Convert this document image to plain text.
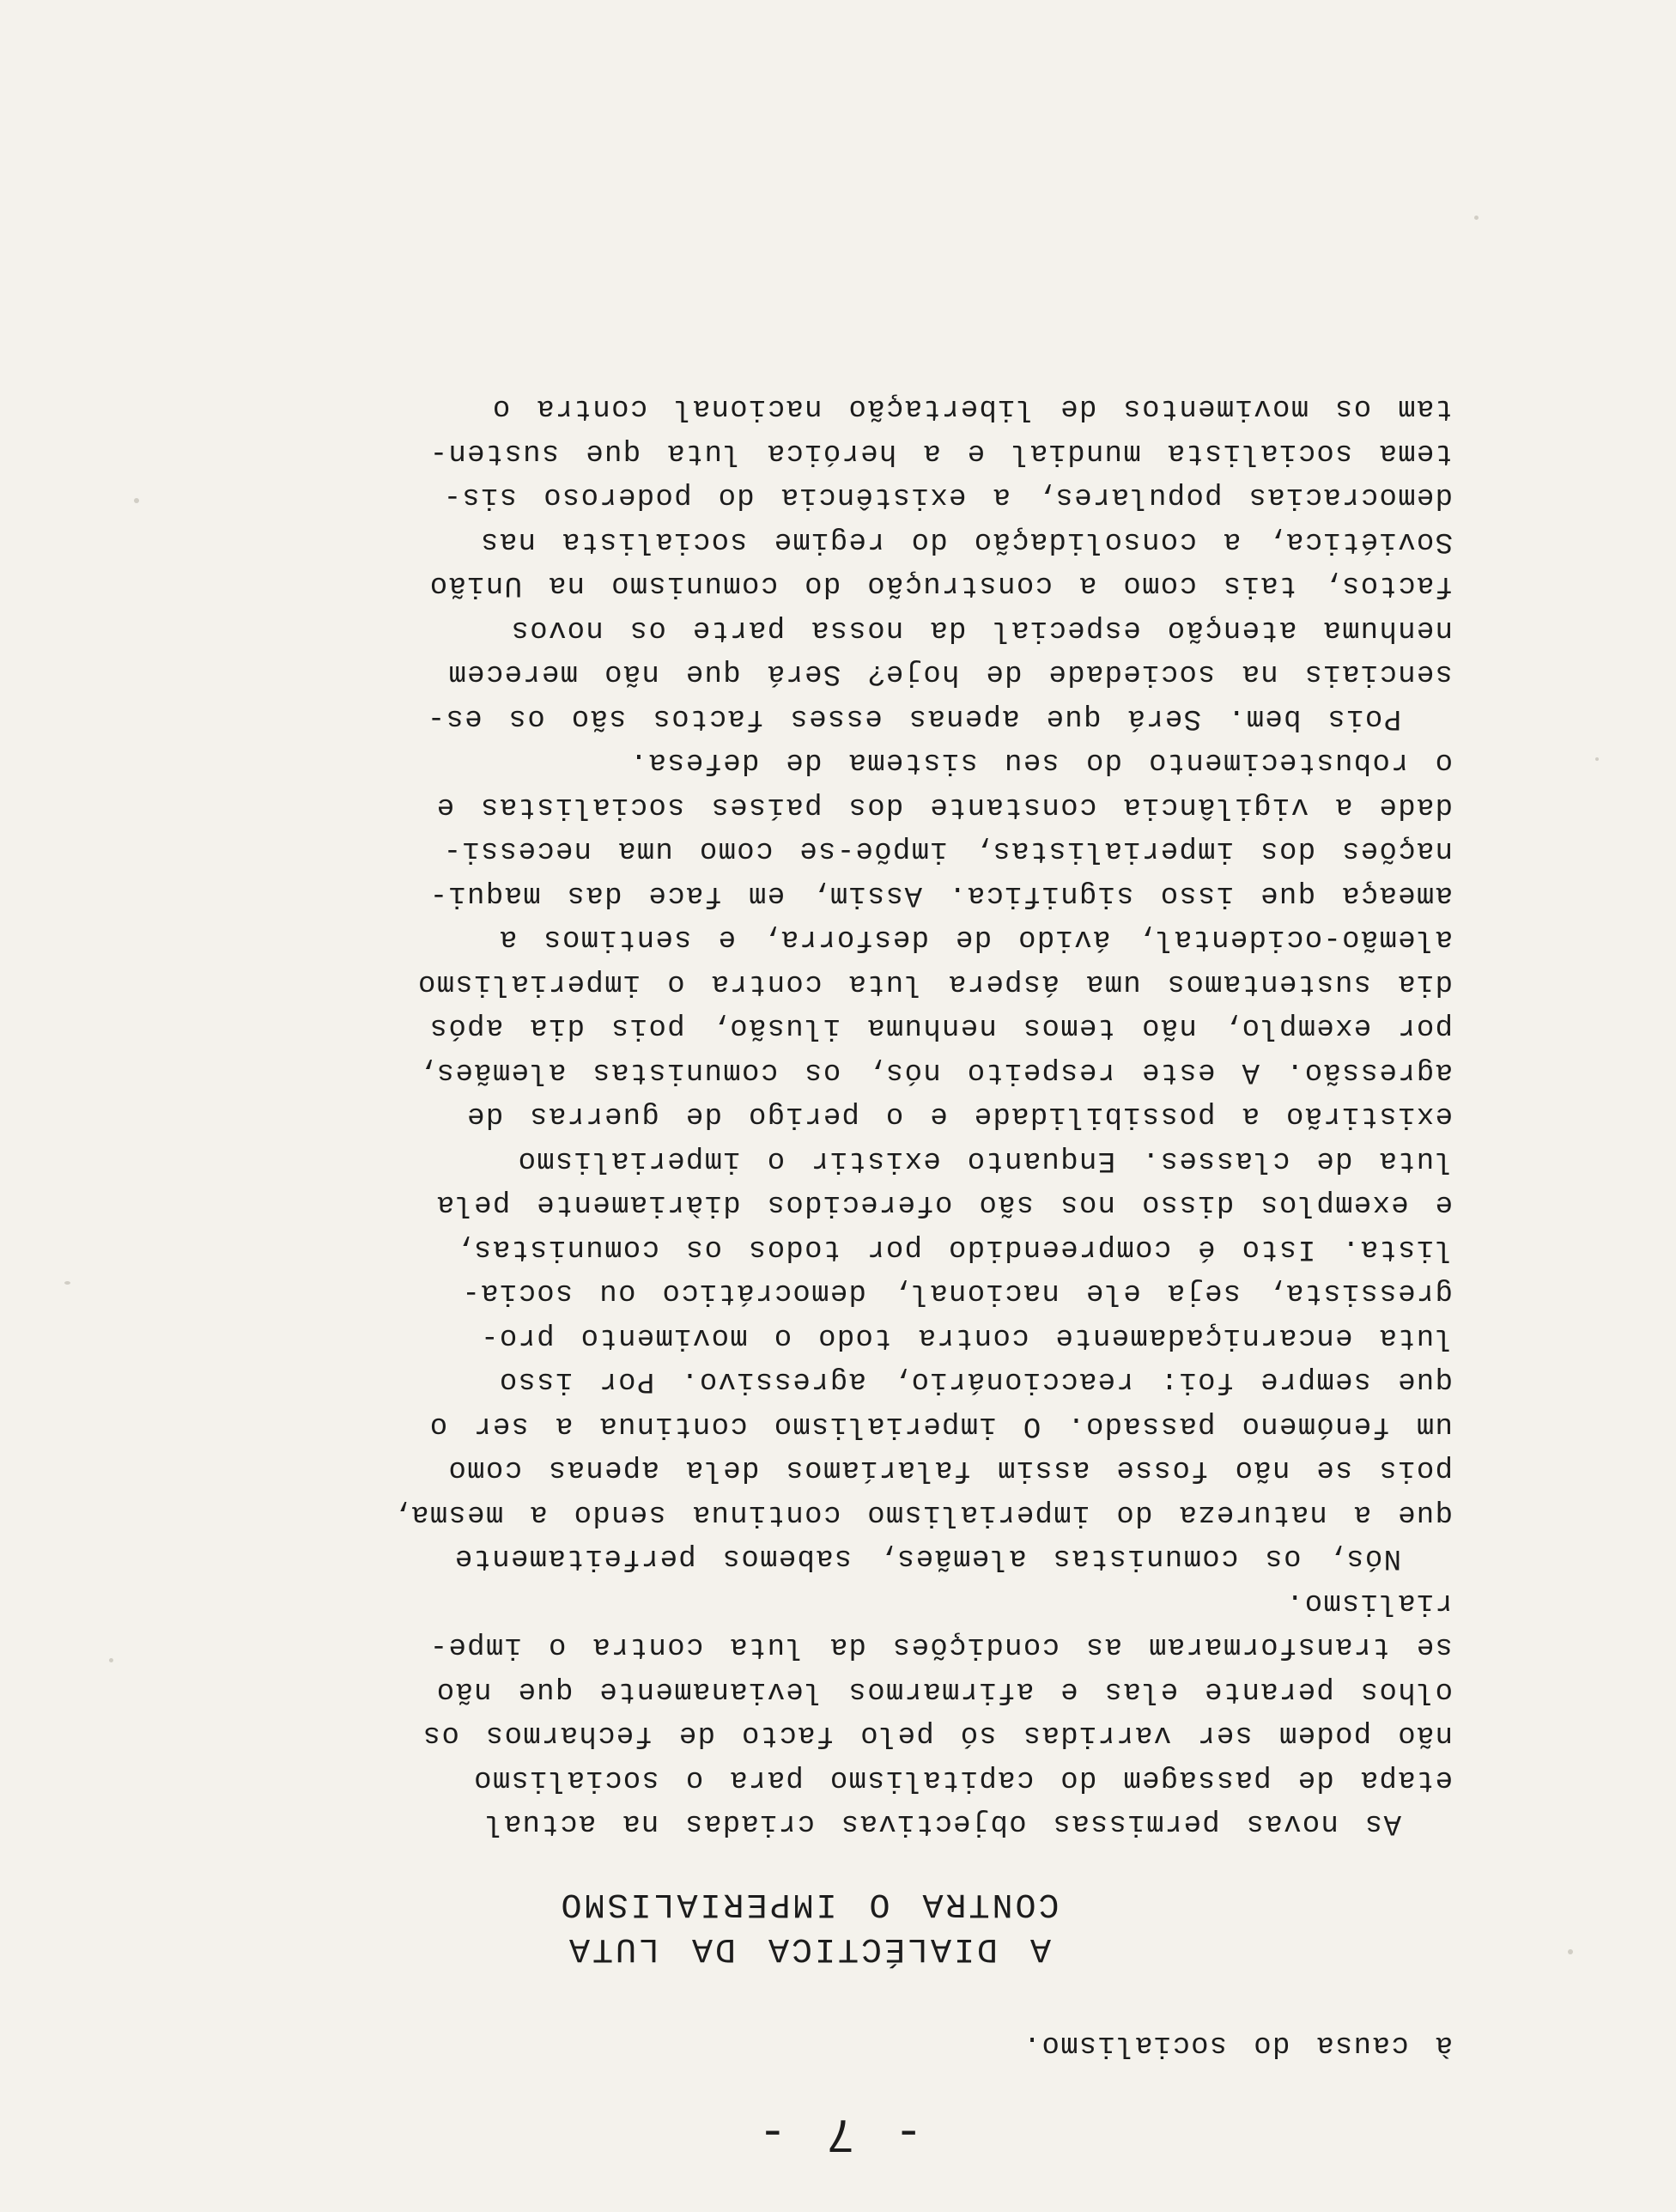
- 7 -
à causa do socialismo.
A DIALÉCTICA DA LUTA
CONTRA O IMPERIALISMO
As novas permissas objectivas criadas na actual
etapa de passagem do capitalismo para o socialismo
não podem ser varridas só pelo facto de fecharmos os
olhos perante elas e afirmarmos levianamente que não
se transformaram as condições da luta contra o impe-
rialismo.
Nós, os comunistas alemães, sabemos perfeitamente
que a natureza do imperialismo continua sendo a mesma,
pois se não fosse assim falaríamos dela apenas como
um fenómeno passado. O imperialismo continua a ser o
que sempre foi: reaccionário, agressivo. Por isso
luta encarniçadamente contra todo o movimento pro-
gressista, seja ele nacional, democrático ou socia-
lista. Isto é compreendido por todos os comunistas,
e exemplos disso nos são oferecidos diàriamente pela
luta de classes. Enquanto existir o imperialismo
existirão a possibilidade e o perigo de guerras de
agressão. A este respeito nós, os comunistas alemães,
por exemplo, não temos nenhuma ilusão, pois dia após
dia sustentamos uma áspera luta contra o imperialismo
alemão-ocidental, ávido de desforra, e sentimos a
ameaça que isso significa. Assim, em face das maqui-
nações dos imperialistas, impõe-se como uma necessi-
dade a vigilância constante dos países socialistas e
o robustecimento do seu sistema de defesa.
Pois bem. Será que apenas esses factos são os es-
senciais na sociedade de hoje? Será que não merecem
nenhuma atenção especial da nossa parte os novos
factos, tais como a construção do comunismo na União
Soviética, a consolidação do regime socialista nas
democracias populares, a existência do poderoso sis-
tema socialista mundial e a heróica luta que susten-
tam os movimentos de libertação nacional contra o
